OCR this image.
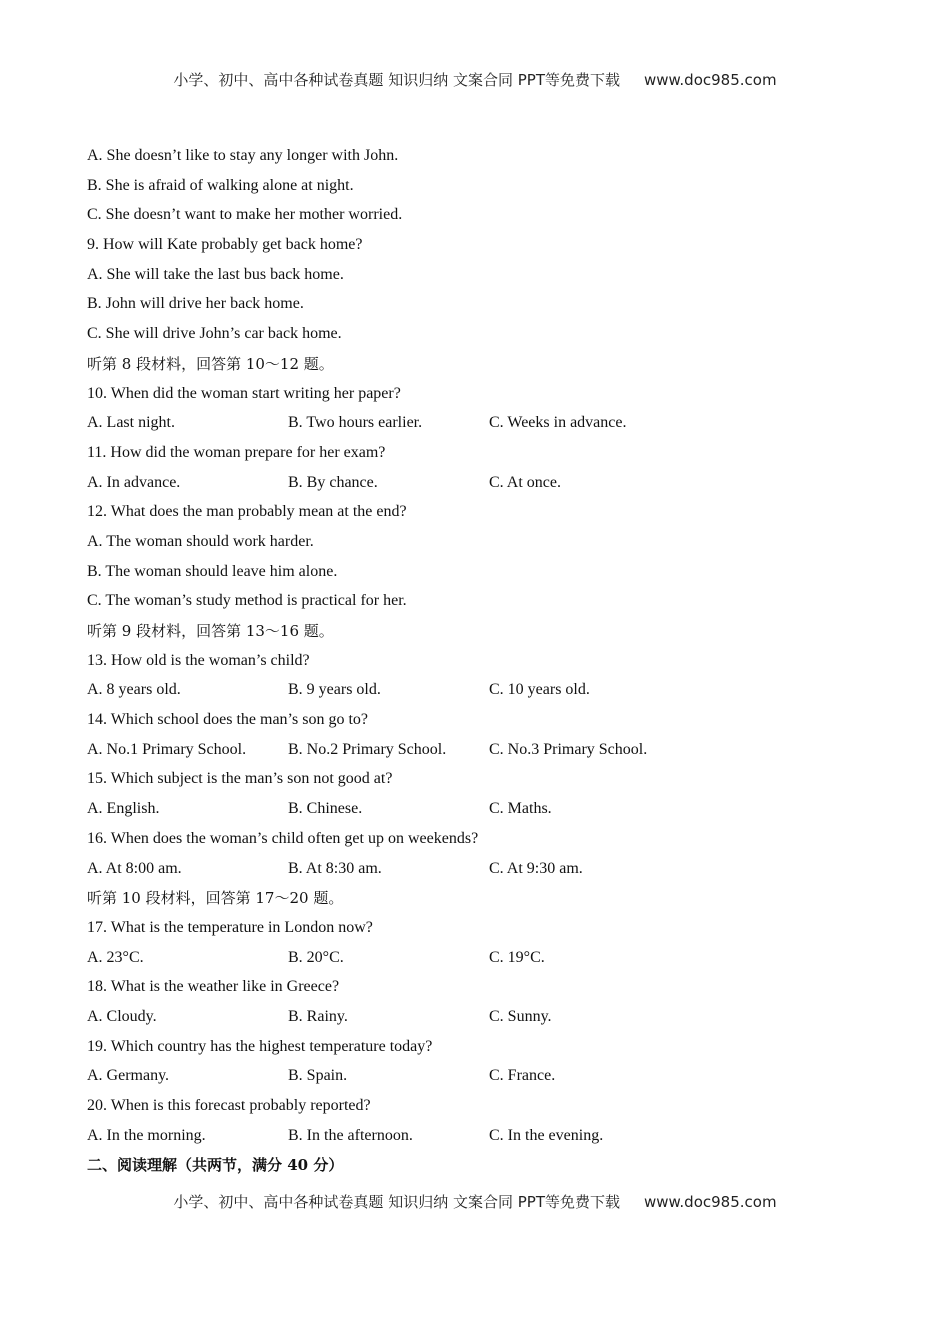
小学、初中、高中各种试卷真题 知识归纳 文案合同 PPT等免费下载 www.doc985.com
A. She doesn’t like to stay any longer with John.
B. She is afraid of walking alone at night.
C. She doesn’t want to make her mother worried.
9. How will Kate probably get back home?
A. She will take the last bus back home.
B. John will drive her back home.
C. She will drive John’s car back home.
听第 8 段材料，回答第 10～12 题。
10. When did the woman start writing her paper?
A. Last night.	B. Two hours earlier.	C. Weeks in advance.
11. How did the woman prepare for her exam?
A. In advance.	B. By chance.	C. At once.
12. What does the man probably mean at the end?
A. The woman should work harder.
B. The woman should leave him alone.
C. The woman’s study method is practical for her.
听第 9 段材料，回答第 13～16 题。
13. How old is the woman’s child?
A. 8 years old.	B. 9 years old.	C. 10 years old.
14. Which school does the man’s son go to?
A. No.1 Primary School.	B. No.2 Primary School.	C. No.3 Primary School.
15. Which subject is the man’s son not good at?
A. English.	B. Chinese.	C. Maths.
16. When does the woman’s child often get up on weekends?
A. At 8:00 am.	B. At 8:30 am.	C. At 9:30 am.
听第 10 段材料，回答第 17～20 题。
17. What is the temperature in London now?
A. 23°C.	B. 20°C.	C. 19°C.
18. What is the weather like in Greece?
A. Cloudy.	B. Rainy.	C. Sunny.
19. Which country has the highest temperature today?
A. Germany.	B. Spain.	C. France.
20. When is this forecast probably reported?
A. In the morning.	B. In the afternoon.	C. In the evening.
二、阅读理解（共两节，满分 40 分）
小学、初中、高中各种试卷真题 知识归纳 文案合同 PPT等免费下载 www.doc985.com
